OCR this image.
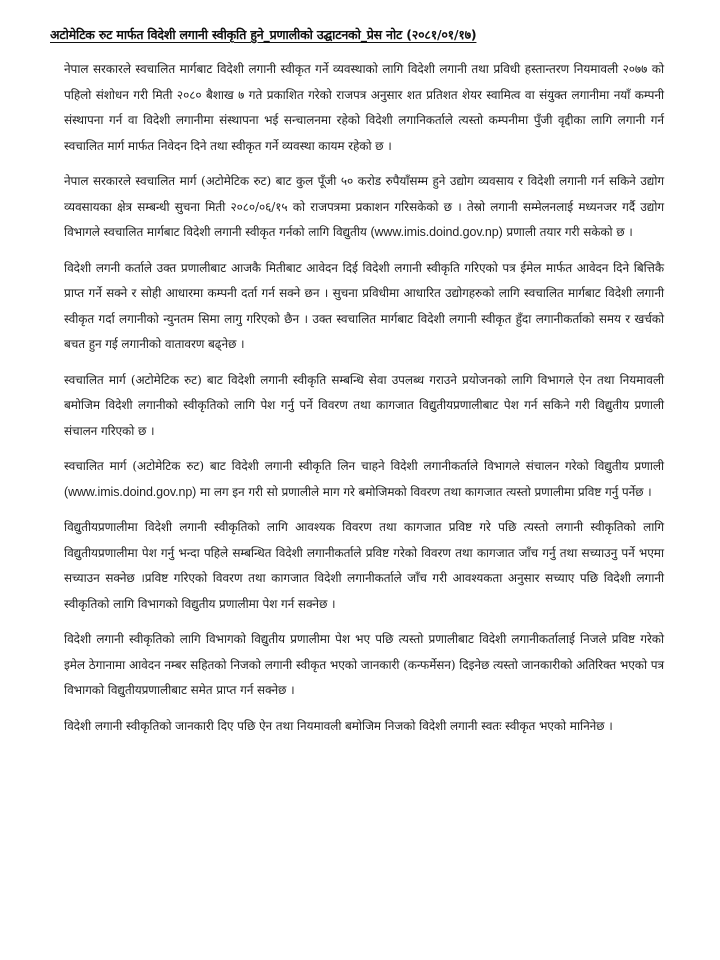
अटोमेटिक रुट मार्फत विदेशी लगानी स्वीकृति हुने_प्रणालीको उद्घाटनको_प्रेस नोट (२०८१/०१/१७)

नेपाल सरकारले स्वचालित मार्गबाट विदेशी लगानी स्वीकृत गर्ने व्यवस्थाको लागि विदेशी लगानी तथा प्रविधी हस्तान्तरण नियमावली २०७७ को पहिलो संशोधन गरी मिती २०८० बैशाख ७ गते प्रकाशित गरेको राजपत्र अनुसार शत प्रतिशत शेयर स्वामित्व वा संयुक्त लगानीमा नयाँ कम्पनी संस्थापना गर्न वा विदेशी लगानीमा संस्थापना भई सन्चालनमा रहेको विदेशी लगानिकर्ताले त्यस्तो कम्पनीमा पुँजी वृद्दीका लागि लगानी गर्न स्वचालित मार्ग मार्फत निवेदन दिने तथा स्वीकृत गर्ने व्यवस्था कायम रहेको छ ।

नेपाल सरकारले स्वचालित मार्ग (अटोमेटिक रुट) बाट कुल पूँजी ५० करोड रुपैयाँसम्म हुने उद्योग व्यवसाय र विदेशी लगानी गर्न सकिने उद्योग व्यवसायका क्षेत्र सम्बन्धी सुचना मिती २०८०/०६/१५ को राजपत्रमा प्रकाशन गरिसकेको छ । तेस्रो लगानी सम्मेलनलाई मध्यनजर गर्दै उद्योग विभागले स्वचालित मार्गबाट विदेशी लगानी स्वीकृत गर्नको लागि विद्युतीय (www.imis.doind.gov.np) प्रणाली तयार गरी सकेको छ ।

विदेशी लगनी कर्ताले उक्त प्रणालीबाट आजकै मितीबाट आवेदन दिई विदेशी लगानी स्वीकृति गरिएको पत्र ईमेल मार्फत आवेदन दिने बित्तिकै प्राप्त गर्ने सक्ने र सोही आधारमा कम्पनी दर्ता गर्न सक्ने छन । सुचना प्रविधीमा आधारित उद्योगहरुको लागि स्वचालित मार्गबाट विदेशी लगानी स्वीकृत गर्दा लगानीको न्युनतम सिमा लागु गरिएको छैन । उक्त स्वचालित मार्गबाट विदेशी लगानी स्वीकृत हुँदा लगानीकर्ताको समय र खर्चको बचत हुन गई लगानीको वातावरण बढ्नेछ ।

स्वचालित मार्ग (अटोमेटिक रुट) बाट विदेशी लगानी स्वीकृति सम्बन्धि सेवा उपलब्ध गराउने प्रयोजनको लागि विभागले ऐन तथा नियमावली बमोजिम विदेशी लगानीको स्वीकृतिको लागि पेश गर्नु पर्ने विवरण तथा कागजात विद्युतीयप्रणालीबाट पेश गर्न सकिने गरी विद्युतीय प्रणाली संचालन गरिएको छ ।

स्वचालित मार्ग (अटोमेटिक रुट) बाट विदेशी लगानी स्वीकृति लिन चाहने विदेशी लगानीकर्ताले विभागले संचालन गरेको विद्युतीय प्रणाली (www.imis.doind.gov.np) मा लग इन गरी सो प्रणालीले माग गरे बमोजिमको विवरण तथा कागजात त्यस्तो प्रणालीमा प्रविष्ट गर्नु पर्नेछ ।

विद्युतीयप्रणालीमा विदेशी लगानी स्वीकृतिको लागि आवश्यक विवरण तथा कागजात प्रविष्ट गरे पछि त्यस्तो लगानी स्वीकृतिको लागि विद्युतीयप्रणालीमा पेश गर्नु भन्दा पहिले सम्बन्धित विदेशी लगानीकर्ताले प्रविष्ट गरेको विवरण तथा कागजात जाँच गर्नु तथा सच्याउनु पर्ने भएमा सच्याउन सक्नेछ ।प्रविष्ट गरिएको विवरण तथा कागजात विदेशी लगानीकर्ताले जाँच गरी आवश्यकता अनुसार सच्याए पछि विदेशी लगानी स्वीकृतिको लागि विभागको विद्युतीय प्रणालीमा पेश गर्न सक्नेछ ।

विदेशी लगानी स्वीकृतिको लागि विभागको विद्युतीय प्रणालीमा पेश भए पछि त्यस्तो प्रणालीबाट विदेशी लगानीकर्तालाई निजले प्रविष्ट गरेको इमेल ठेगानामा आवेदन नम्बर सहितको निजको लगानी स्वीकृत भएको जानकारी (कन्फर्मेसन) दिइनेछ त्यस्तो जानकारीको अतिरिक्त भएको पत्र विभागको विद्युतीयप्रणालीबाट समेत प्राप्त गर्न सक्नेछ ।

विदेशी लगानी स्वीकृतिको जानकारी दिए पछि ऐन तथा नियमावली बमोजिम निजको विदेशी लगानी स्वतः स्वीकृत भएको मानिनेछ ।
